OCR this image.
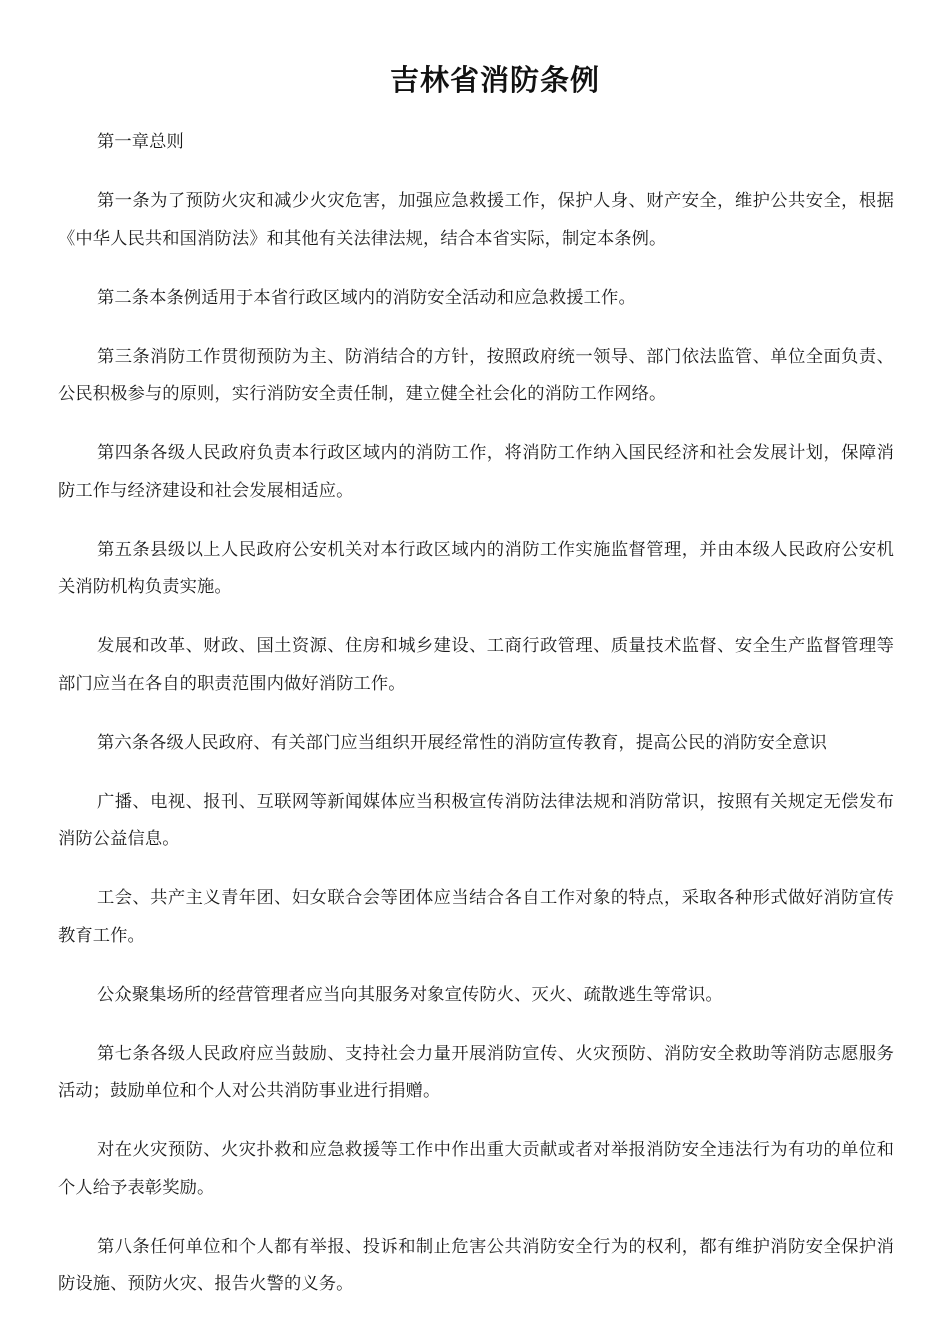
吉林省消防条例

第一章总则

第一条为了预防火灾和减少火灾危害，加强应急救援工作，保护人身、财产安全，维护公共安全，根据《中华人民共和国消防法》和其他有关法律法规，结合本省实际，制定本条例。

第二条本条例适用于本省行政区域内的消防安全活动和应急救援工作。

第三条消防工作贯彻预防为主、防消结合的方针，按照政府统一领导、部门依法监管、单位全面负责、公民积极参与的原则，实行消防安全责任制，建立健全社会化的消防工作网络。

第四条各级人民政府负责本行政区域内的消防工作，将消防工作纳入国民经济和社会发展计划，保障消防工作与经济建设和社会发展相适应。

第五条县级以上人民政府公安机关对本行政区域内的消防工作实施监督管理，并由本级人民政府公安机关消防机构负责实施。

发展和改革、财政、国土资源、住房和城乡建设、工商行政管理、质量技术监督、安全生产监督管理等部门应当在各自的职责范围内做好消防工作。

第六条各级人民政府、有关部门应当组织开展经常性的消防宣传教育，提高公民的消防安全意识

广播、电视、报刊、互联网等新闻媒体应当积极宣传消防法律法规和消防常识，按照有关规定无偿发布消防公益信息。

工会、共产主义青年团、妇女联合会等团体应当结合各自工作对象的特点，采取各种形式做好消防宣传教育工作。

公众聚集场所的经营管理者应当向其服务对象宣传防火、灭火、疏散逃生等常识。

第七条各级人民政府应当鼓励、支持社会力量开展消防宣传、火灾预防、消防安全救助等消防志愿服务活动；鼓励单位和个人对公共消防事业进行捐赠。

对在火灾预防、火灾扑救和应急救援等工作中作出重大贡献或者对举报消防安全违法行为有功的单位和个人给予表彰奖励。

第八条任何单位和个人都有举报、投诉和制止危害公共消防安全行为的权利，都有维护消防安全保护消防设施、预防火灾、报告火警的义务。
